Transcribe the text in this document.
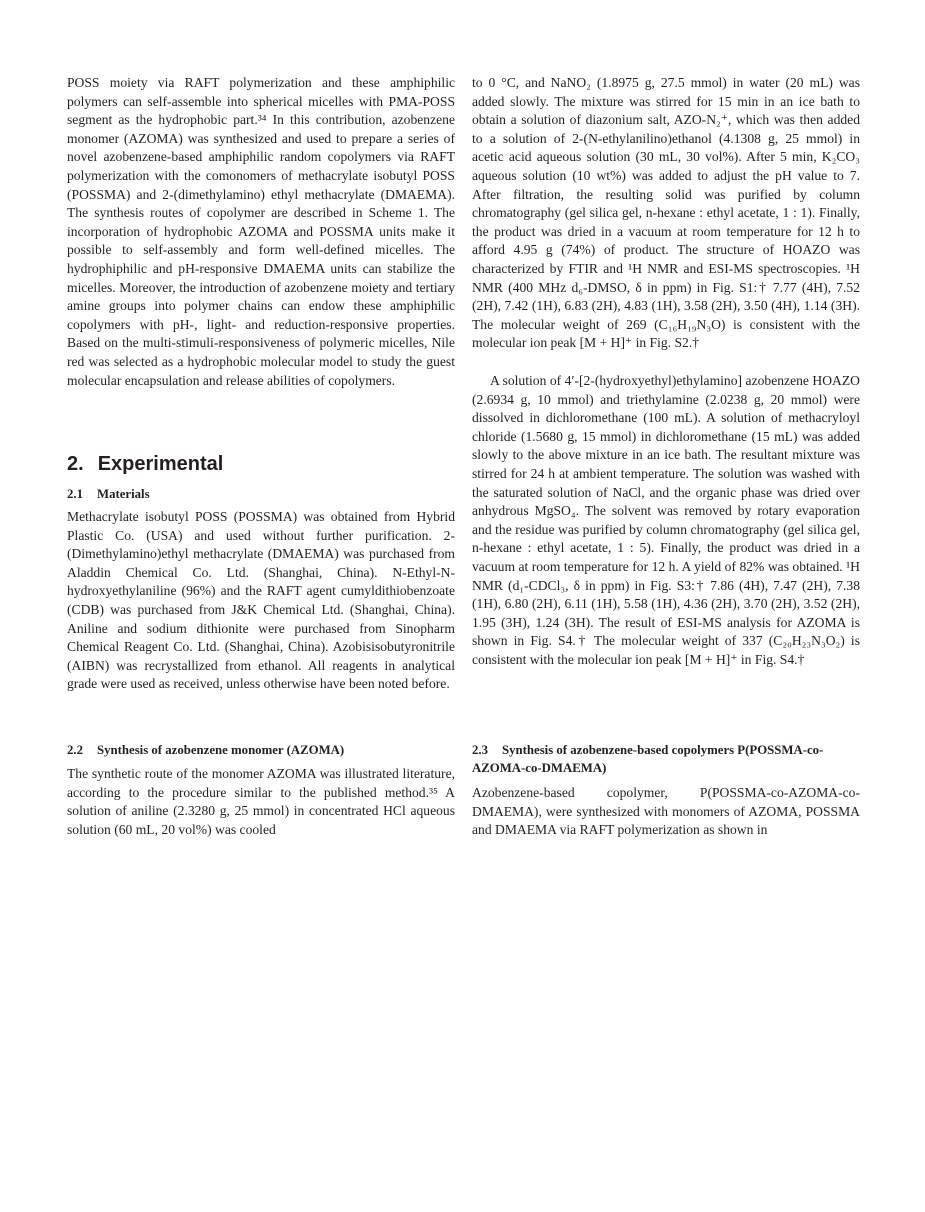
POSS moiety via RAFT polymerization and these amphiphilic polymers can self-assemble into spherical micelles with PMA-POSS segment as the hydrophobic part.³⁴ In this contribution, azobenzene monomer (AZOMA) was synthesized and used to prepare a series of novel azobenzene-based amphiphilic random copolymers via RAFT polymerization with the comonomers of methacrylate isobutyl POSS (POSSMA) and 2-(dimethylamino) ethyl methacrylate (DMAEMA). The synthesis routes of copolymer are described in Scheme 1. The incorporation of hydrophobic AZOMA and POSSMA units make it possible to self-assembly and form well-defined micelles. The hydrophiphilic and pH-responsive DMAEMA units can stabilize the micelles. Moreover, the introduction of azobenzene moiety and tertiary amine groups into polymer chains can endow these amphiphilic copolymers with pH-, light- and reduction-responsive properties. Based on the multi-stimuli-responsiveness of polymeric micelles, Nile red was selected as a hydrophobic molecular model to study the guest molecular encapsulation and release abilities of copolymers.

2. Experimental
2.1 Materials

Methacrylate isobutyl POSS (POSSMA) was obtained from Hybrid Plastic Co. (USA) and used without further purification. 2-(Dimethylamino)ethyl methacrylate (DMAEMA) was purchased from Aladdin Chemical Co. Ltd. (Shanghai, China). N-Ethyl-N-hydroxyethylaniline (96%) and the RAFT agent cumyldithiobenzoate (CDB) was purchased from J&K Chemical Ltd. (Shanghai, China). Aniline and sodium dithionite were purchased from Sinopharm Chemical Reagent Co. Ltd. (Shanghai, China). Azobisisobutyronitrile (AIBN) was recrystallized from ethanol. All reagents in analytical grade were used as received, unless otherwise have been noted before.

2.2 Synthesis of azobenzene monomer (AZOMA)

The synthetic route of the monomer AZOMA was illustrated literature, according to the procedure similar to the published method.³⁵ A solution of aniline (2.3280 g, 25 mmol) in concentrated HCl aqueous solution (60 mL, 20 vol%) was cooled

to 0 °C, and NaNO₂ (1.8975 g, 27.5 mmol) in water (20 mL) was added slowly. The mixture was stirred for 15 min in an ice bath to obtain a solution of diazonium salt, AZO-N₂⁺, which was then added to a solution of 2-(N-ethylanilino)ethanol (4.1308 g, 25 mmol) in acetic acid aqueous solution (30 mL, 30 vol%). After 5 min, K₂CO₃ aqueous solution (10 wt%) was added to adjust the pH value to 7. After filtration, the resulting solid was purified by column chromatography (gel silica gel, n-hexane : ethyl acetate, 1 : 1). Finally, the product was dried in a vacuum at room temperature for 12 h to afford 4.95 g (74%) of product. The structure of HOAZO was characterized by FTIR and ¹H NMR and ESI-MS spectroscopies. ¹H NMR (400 MHz d₆-DMSO, δ in ppm) in Fig. S1:† 7.77 (4H), 7.52 (2H), 7.42 (1H), 6.83 (2H), 4.83 (1H), 3.58 (2H), 3.50 (4H), 1.14 (3H). The molecular weight of 269 (C₁₆H₁₉N₃O) is consistent with the molecular ion peak [M + H]⁺ in Fig. S2.†

A solution of 4′-[2-(hydroxyethyl)ethylamino] azobenzene HOAZO (2.6934 g, 10 mmol) and triethylamine (2.0238 g, 20 mmol) were dissolved in dichloromethane (100 mL). A solution of methacryloyl chloride (1.5680 g, 15 mmol) in dichloromethane (15 mL) was added slowly to the above mixture in an ice bath. The resultant mixture was stirred for 24 h at ambient temperature. The solution was washed with the saturated solution of NaCl, and the organic phase was dried over anhydrous MgSO₄. The solvent was removed by rotary evaporation and the residue was purified by column chromatography (gel silica gel, n-hexane : ethyl acetate, 1 : 5). Finally, the product was dried in a vacuum at room temperature for 12 h. A yield of 82% was obtained. ¹H NMR (d₁-CDCl₃, δ in ppm) in Fig. S3:† 7.86 (4H), 7.47 (2H), 7.38 (1H), 6.80 (2H), 6.11 (1H), 5.58 (1H), 4.36 (2H), 3.70 (2H), 3.52 (2H), 1.95 (3H), 1.24 (3H). The result of ESI-MS analysis for AZOMA is shown in Fig. S4.† The molecular weight of 337 (C₂₀H₂₃N₃O₂) is consistent with the molecular ion peak [M + H]⁺ in Fig. S4.†

2.3 Synthesis of azobenzene-based copolymers P(POSSMA-co-AZOMA-co-DMAEMA)

Azobenzene-based copolymer, P(POSSMA-co-AZOMA-co-DMAEMA), were synthesized with monomers of AZOMA, POSSMA and DMAEMA via RAFT polymerization as shown in
